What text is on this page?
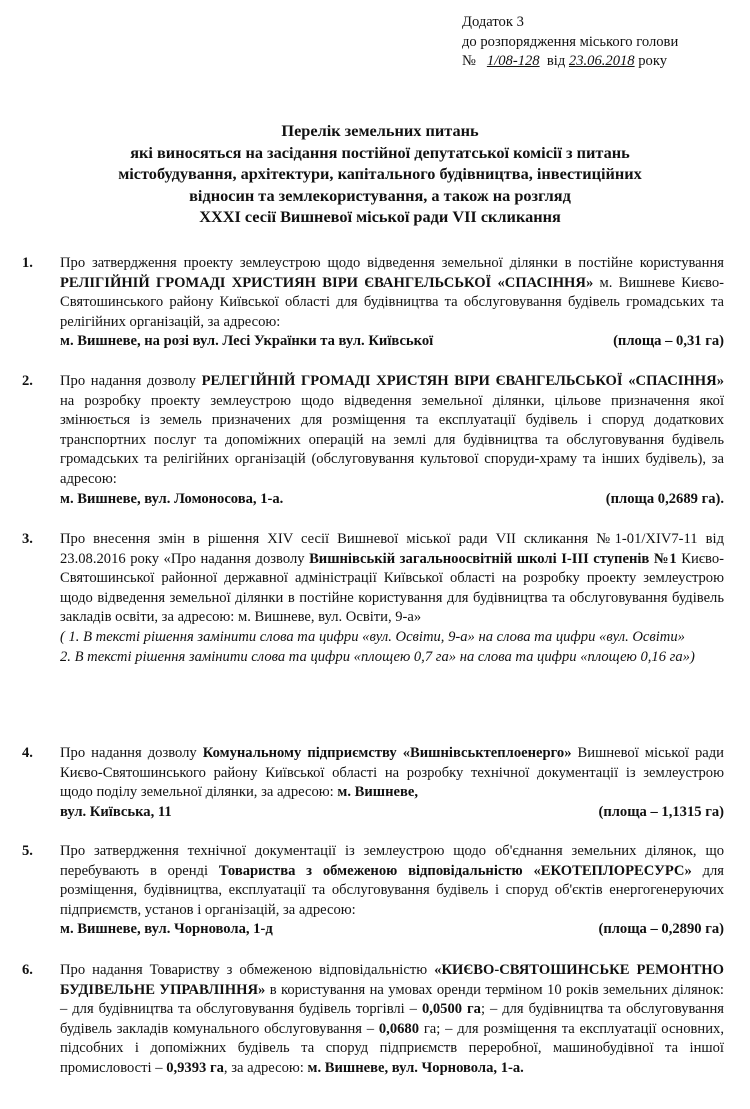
Додаток 3
до розпорядження міського голови
№ 1/08-128 від 23.06.2018 року
Перелік земельних питань
які виносяться на засідання постійної депутатської комісії з питань
містобудування, архітектури, капітального будівництва, інвестиційних
відносин та землекористування, а також на розгляд
XXXI сесії Вишневої міської ради VII скликання
1. Про затвердження проекту землеустрою щодо відведення земельної ділянки в постійне користування РЕЛІГІЙНІЙ ГРОМАДІ ХРИСТИЯН ВІРИ ЄВАНГЕЛЬСЬКОЇ «СПАСІННЯ» м. Вишневе Києво-Святошинського району Київської області для будівництва та обслуговування будівель громадських та релігійних організацій, за адресою:
м. Вишневе, на розі вул. Лесі Українки та вул. Київської	(площа – 0,31 га)
2. Про надання дозволу РЕЛЕГІЙНІЙ ГРОМАДІ ХРИСТЯН ВІРИ ЄВАНГЕЛЬСЬКОЇ «СПАСІННЯ» на розробку проекту землеустрою щодо відведення земельної ділянки, цільове призначення якої змінюється із земель призначених для розміщення та експлуатації будівель і споруд додаткових транспортних послуг та допоміжних операцій на землі для будівництва та обслуговування будівель громадських та релігійних організацій (обслуговування культової споруди-храму та інших будівель), за адресою:
м. Вишневе, вул. Ломоносова, 1-а.	(площа 0,2689 га).
3. Про внесення змін в рішення XIV сесії Вишневої міської ради VII скликання №1-01/XIV7-11 від 23.08.2016 року «Про надання дозволу Вишнівській загальноосвітній школі І-ІІІ ступенів №1 Києво-Святошинської районної державної адміністрації Київської області на розробку проекту землеустрою щодо відведення земельної ділянки в постійне користування для будівництва та обслуговування будівель закладів освіти, за адресою: м. Вишневе, вул. Освіти, 9-а»
( 1. В тексті рішення замінити слова та цифри «вул. Освіти, 9-а» на слова та цифри «вул. Освіти»
2. В тексті рішення замінити слова та цифри «площею 0,7 га» на слова та цифри «площею 0,16 га»)
4. Про надання дозволу Комунальному підприємству «Вишнівськтеплоенерго» Вишневої міської ради Києво-Святошинського району Київської області на розробку технічної документації із землеустрою щодо поділу земельної ділянки, за адресою: м. Вишневе,
вул. Київська, 11	(площа – 1,1315 га)
5. Про затвердження технічної документації із землеустрою щодо об'єднання земельних ділянок, що перебувають в оренді Товариства з обмеженою відповідальністю «ЕКОТЕПЛОРЕСУРС» для розміщення, будівництва, експлуатації та обслуговування будівель і споруд об'єктів енергогенеруючих підприємств, установ і організацій, за адресою:
м. Вишневе, вул. Чорновола, 1-д	(площа – 0,2890 га)
6. Про надання Товариству з обмеженою відповідальністю «КИЄВО-СВЯТОШИНСЬКЕ РЕМОНТНО БУДІВЕЛЬНЕ УПРАВЛІННЯ» в користування на умовах оренди терміном 10 років земельних ділянок: – для будівництва та обслуговування будівель торгівлі – 0,0500 га; – для будівництва та обслуговування будівель закладів комунального обслуговування – 0,0680 га; – для розміщення та експлуатації основних, підсобних і допоміжних будівель та споруд підприємств переробної, машинобудівної та іншої промисловості – 0,9393 га, за адресою: м. Вишневе, вул. Чорновола, 1-а.
